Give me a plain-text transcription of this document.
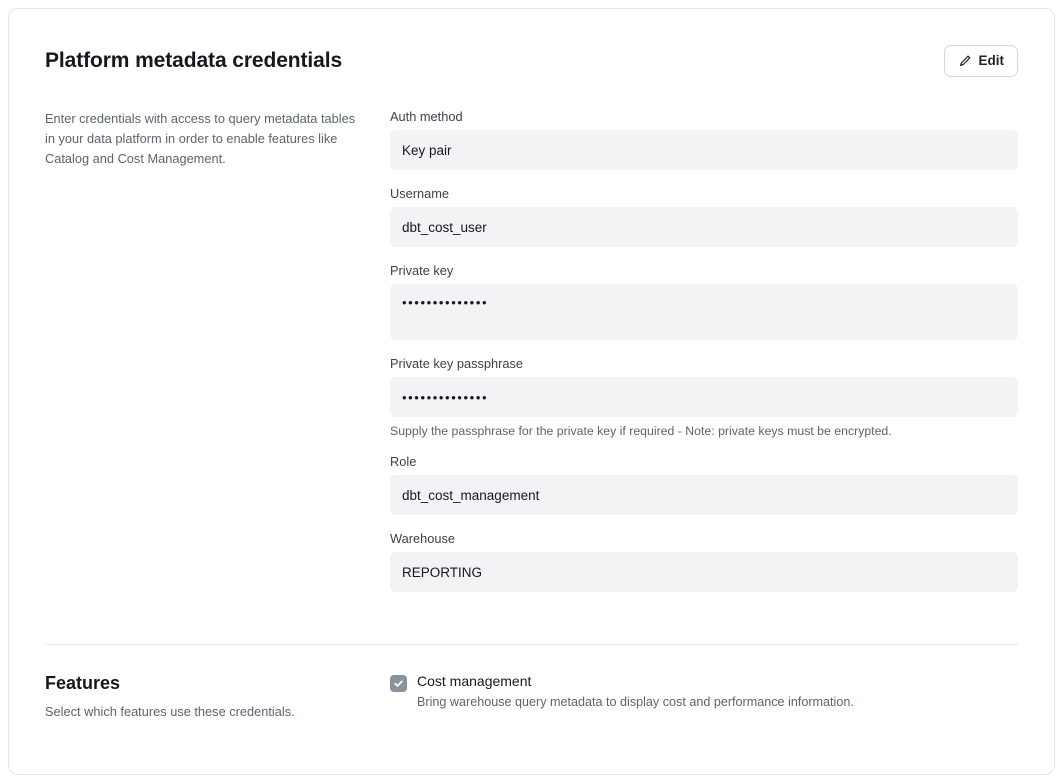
Platform metadata credentials	Edit
Enter credentials with access to query metadata tables in your data platform in order to enable features like Catalog and Cost Management.
Auth method
Key pair
Username
dbt_cost_user
Private key
••••••••••••••
Private key passphrase
••••••••••••••
Supply the passphrase for the private key if required - Note: private keys must be encrypted.
Role
dbt_cost_management
Warehouse
REPORTING
Features
Select which features use these credentials.
Cost management
Bring warehouse query metadata to display cost and performance information.
